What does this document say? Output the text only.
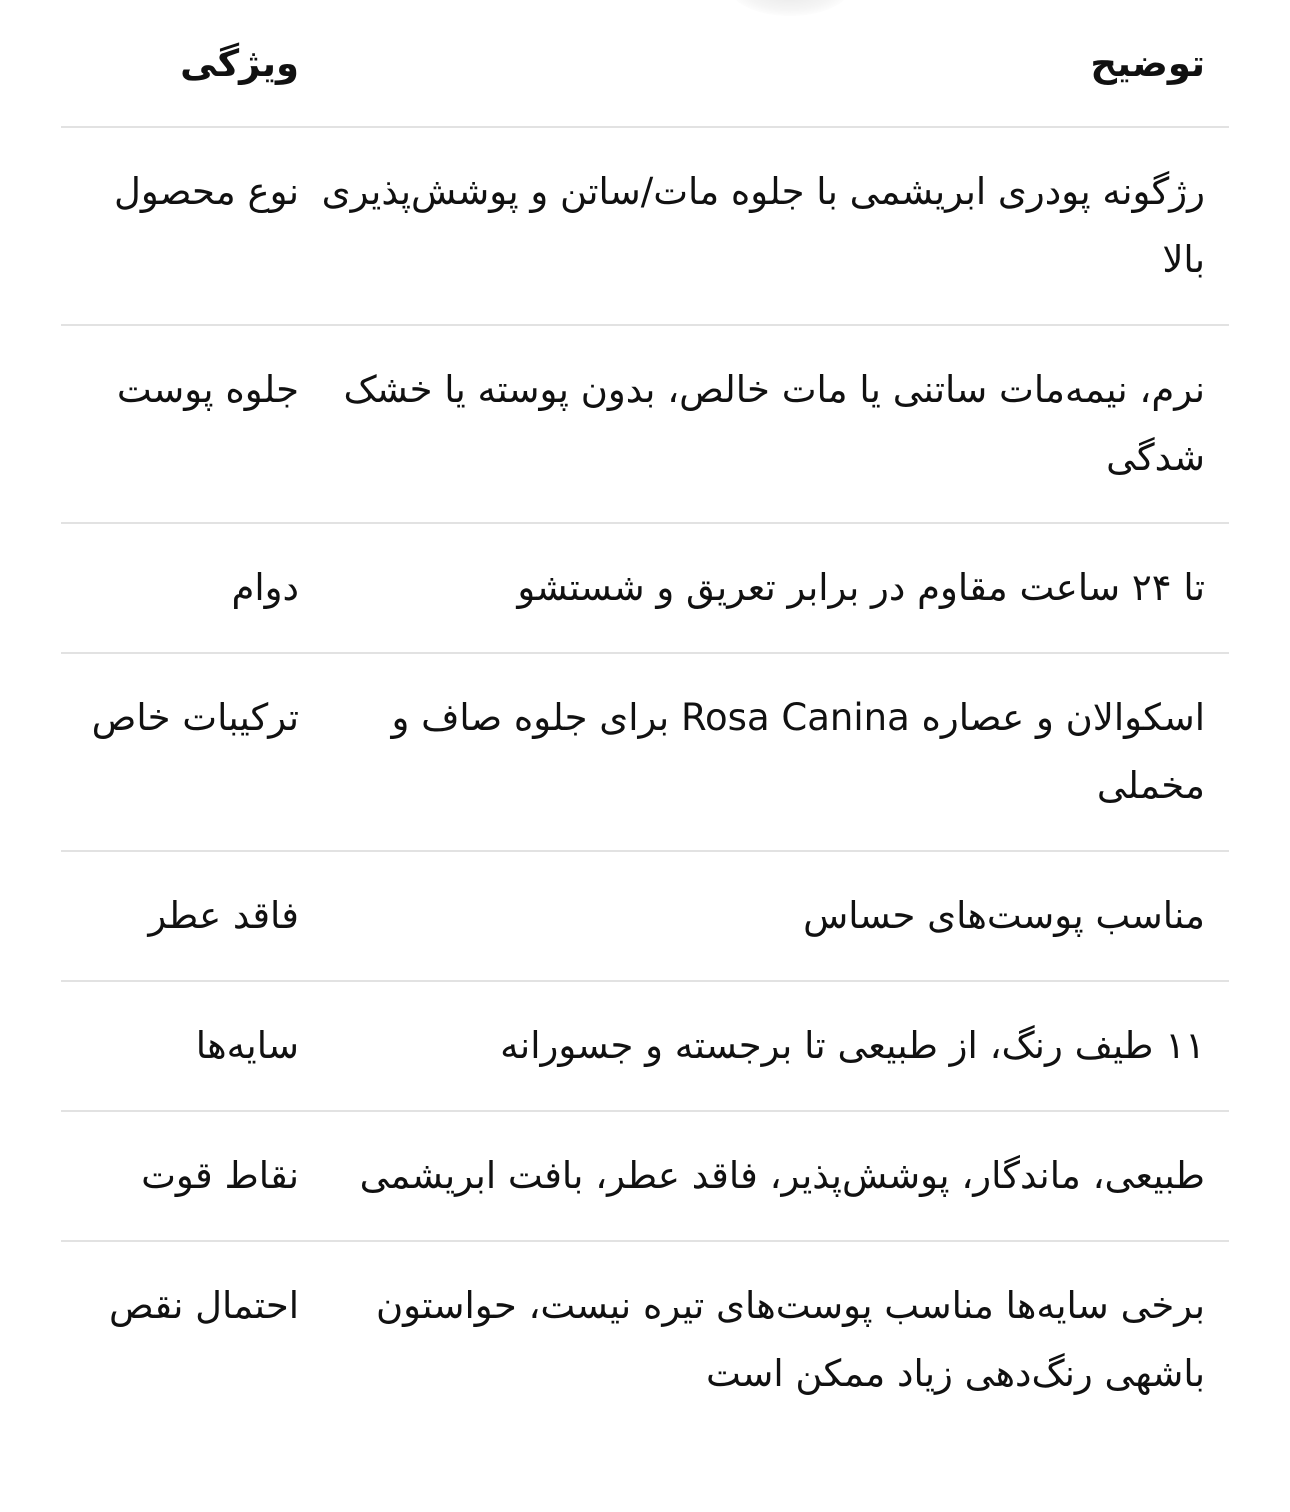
توضیح	ویژگی
رژگونه پودری ابریشمی با جلوه مات/ساتن و پوشش‌پذیری بالا	نوع محصول
نرم، نیمه‌مات ساتنی یا مات خالص، بدون پوسته یا خشک شدگی	جلوه پوست
تا ۲۴ ساعت مقاوم در برابر تعریق و شستشو	دوام
اسکوالان و عصاره Rosa Canina برای جلوه صاف و مخملی	ترکیبات خاص
مناسب پوست‌های حساس	فاقد عطر
۱۱ طیف رنگ، از طبیعی تا برجسته و جسورانه	سایه‌ها
طبیعی، ماندگار، پوشش‌پذیر، فاقد عطر، بافت ابریشمی	نقاط قوت
برخی سایه‌ها مناسب پوست‌های تیره نیست، حواستون باشهی رنگ‌دهی زیاد ممکن است	احتمال نقص
